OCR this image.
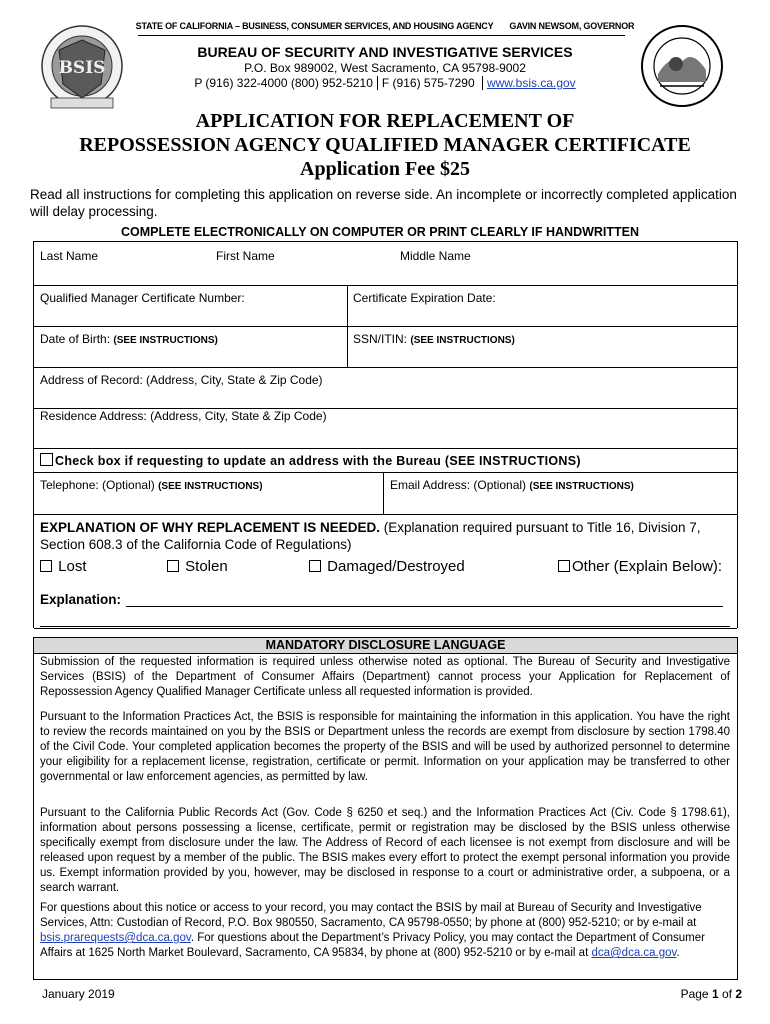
STATE OF CALIFORNIA – BUSINESS, CONSUMER SERVICES, AND HOUSING AGENCY GAVIN NEWSOM, GOVERNOR
BSIS
BUREAU OF SECURITY AND INVESTIGATIVE SERVICES
P.O. Box 989002, West Sacramento, CA 95798-9002
P (916) 322-4000 (800) 952-5210 F (916) 575-7290 www.bsis.ca.gov
APPLICATION FOR REPLACEMENT OF
REPOSSESSION AGENCY QUALIFIED MANAGER CERTIFICATE
Application Fee $25
Read all instructions for completing this application on reverse side. An incomplete or incorrectly completed application will delay processing.
COMPLETE ELECTRONICALLY ON COMPUTER OR PRINT CLEARLY IF HANDWRITTEN
Last Name	First Name	Middle Name
Qualified Manager Certificate Number:	Certificate Expiration Date:
Date of Birth: (SEE INSTRUCTIONS)	SSN/ITIN: (SEE INSTRUCTIONS)
Address of Record: (Address, City, State & Zip Code)
Residence Address: (Address, City, State & Zip Code)
Check box if requesting to update an address with the Bureau (SEE INSTRUCTIONS)
Telephone: (Optional) (SEE INSTRUCTIONS)	Email Address: (Optional) (SEE INSTRUCTIONS)
EXPLANATION OF WHY REPLACEMENT IS NEEDED. (Explanation required pursuant to Title 16, Division 7, Section 608.3 of the California Code of Regulations)
Lost	Stolen	Damaged/Destroyed	Other (Explain Below):
Explanation:
MANDATORY DISCLOSURE LANGUAGE
Submission of the requested information is required unless otherwise noted as optional. The Bureau of Security and Investigative Services (BSIS) of the Department of Consumer Affairs (Department) cannot process your Application for Replacement of Repossession Agency Qualified Manager Certificate unless all requested information is provided.
Pursuant to the Information Practices Act, the BSIS is responsible for maintaining the information in this application. You have the right to review the records maintained on you by the BSIS or Department unless the records are exempt from disclosure by section 1798.40 of the Civil Code. Your completed application becomes the property of the BSIS and will be used by authorized personnel to determine your eligibility for a replacement license, registration, certificate or permit. Information on your application may be transferred to other governmental or law enforcement agencies, as permitted by law.
Pursuant to the California Public Records Act (Gov. Code § 6250 et seq.) and the Information Practices Act (Civ. Code § 1798.61), information about persons possessing a license, certificate, permit or registration may be disclosed by the BSIS unless otherwise specifically exempt from disclosure under the law. The Address of Record of each licensee is not exempt from disclosure and will be released upon request by a member of the public. The BSIS makes every effort to protect the exempt personal information you provide us. Exempt information provided by you, however, may be disclosed in response to a court or administrative order, a subpoena, or a search warrant.
For questions about this notice or access to your record, you may contact the BSIS by mail at Bureau of Security and Investigative Services, Attn: Custodian of Record, P.O. Box 980550, Sacramento, CA 95798-0550; by phone at (800) 952-5210; or by e-mail at bsis.prarequests@dca.ca.gov. For questions about the Department’s Privacy Policy, you may contact the Department of Consumer Affairs at 1625 North Market Boulevard, Sacramento, CA 95834, by phone at (800) 952-5210 or by e-mail at dca@dca.ca.gov.
January 2019	Page 1 of 2
